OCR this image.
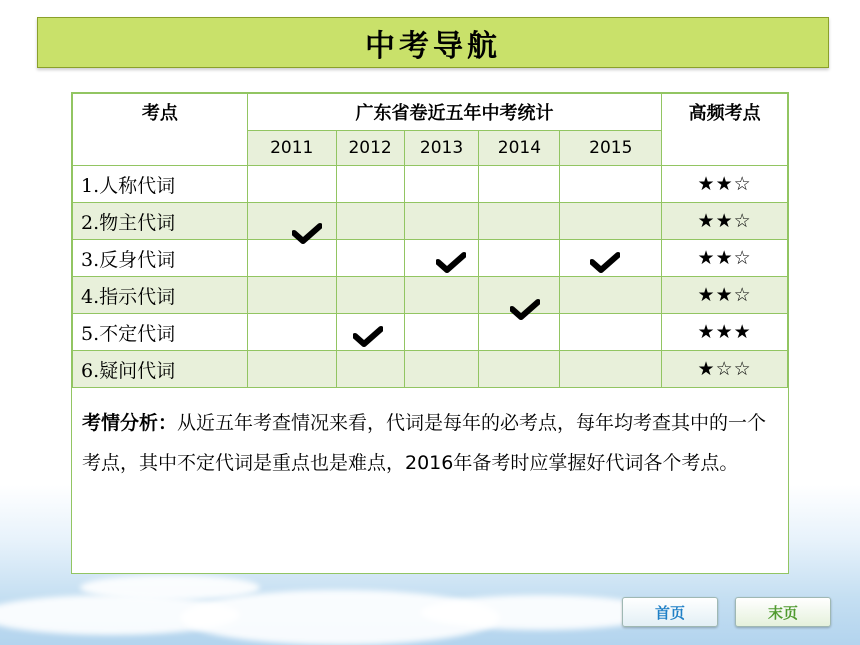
中考导航
考点	广东省卷近五年中考统计					高频考点
	2011	2012	2013	2014	2015	
1.人称代词						★★☆
2.物主代词						★★☆
3.反身代词						★★☆
4.指示代词						★★☆
5.不定代词						★★★
6.疑问代词						★☆☆
考情分析：从近五年考查情况来看，代词是每年的必考点，每年均考查其中的一个考点，其中不定代词是重点也是难点，2016年备考时应掌握好代词各个考点。
首页	末页
